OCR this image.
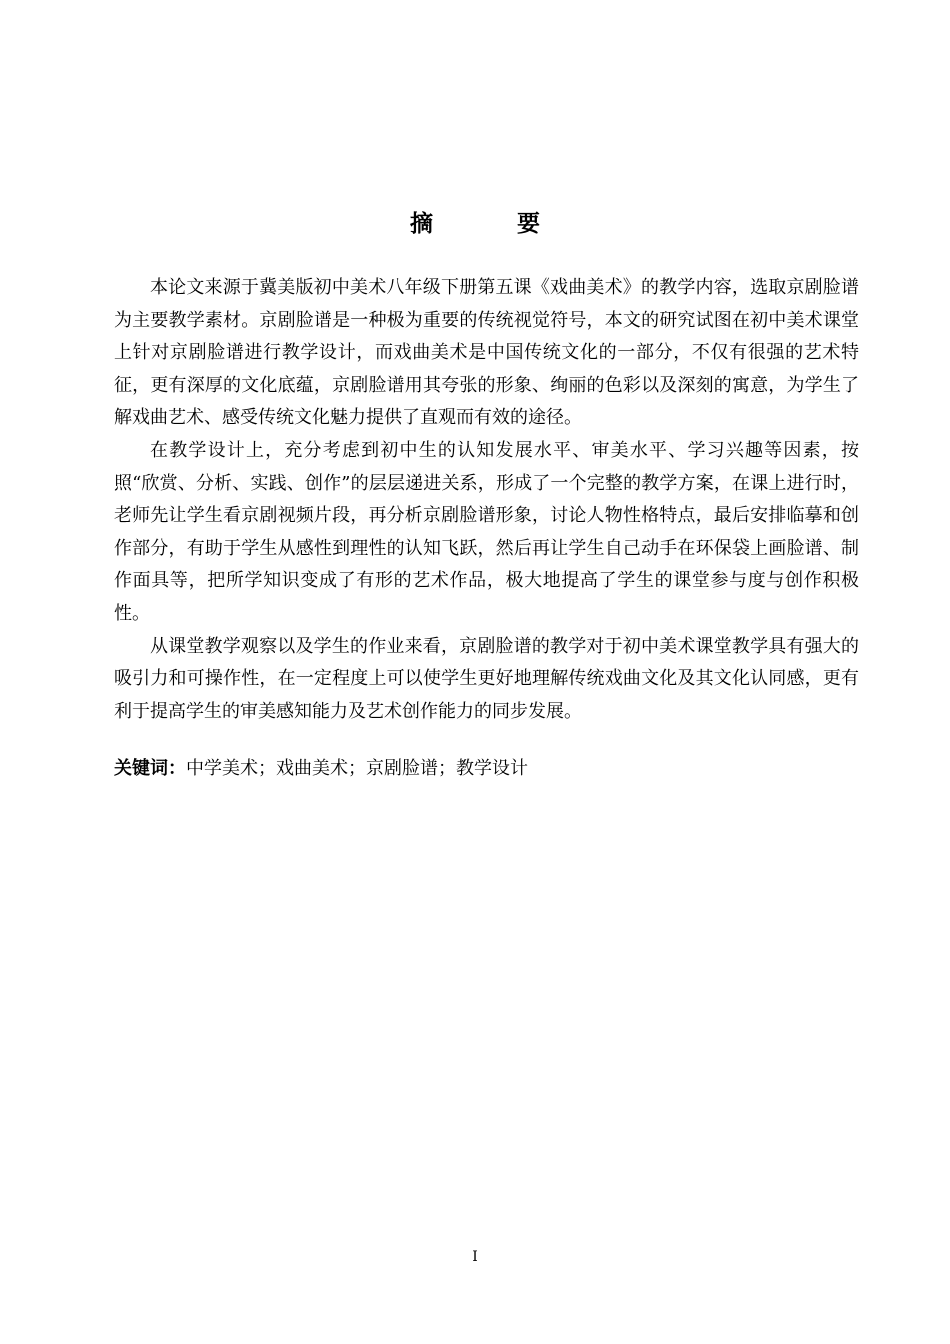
摘 要

本论文来源于冀美版初中美术八年级下册第五课《戏曲美术》的教学内容，选取京剧脸谱为主要教学素材。京剧脸谱是一种极为重要的传统视觉符号，本文的研究试图在初中美术课堂上针对京剧脸谱进行教学设计，而戏曲美术是中国传统文化的一部分，不仅有很强的艺术特征，更有深厚的文化底蕴，京剧脸谱用其夸张的形象、绚丽的色彩以及深刻的寓意，为学生了解戏曲艺术、感受传统文化魅力提供了直观而有效的途径。

在教学设计上，充分考虑到初中生的认知发展水平、审美水平、学习兴趣等因素，按照“欣赏、分析、实践、创作”的层层递进关系，形成了一个完整的教学方案，在课上进行时，老师先让学生看京剧视频片段，再分析京剧脸谱形象，讨论人物性格特点，最后安排临摹和创作部分，有助于学生从感性到理性的认知飞跃，然后再让学生自己动手在环保袋上画脸谱、制作面具等，把所学知识变成了有形的艺术作品，极大地提高了学生的课堂参与度与创作积极性。

从课堂教学观察以及学生的作业来看，京剧脸谱的教学对于初中美术课堂教学具有强大的吸引力和可操作性，在一定程度上可以使学生更好地理解传统戏曲文化及其文化认同感，更有利于提高学生的审美感知能力及艺术创作能力的同步发展。

关键词：中学美术；戏曲美术；京剧脸谱；教学设计
I
